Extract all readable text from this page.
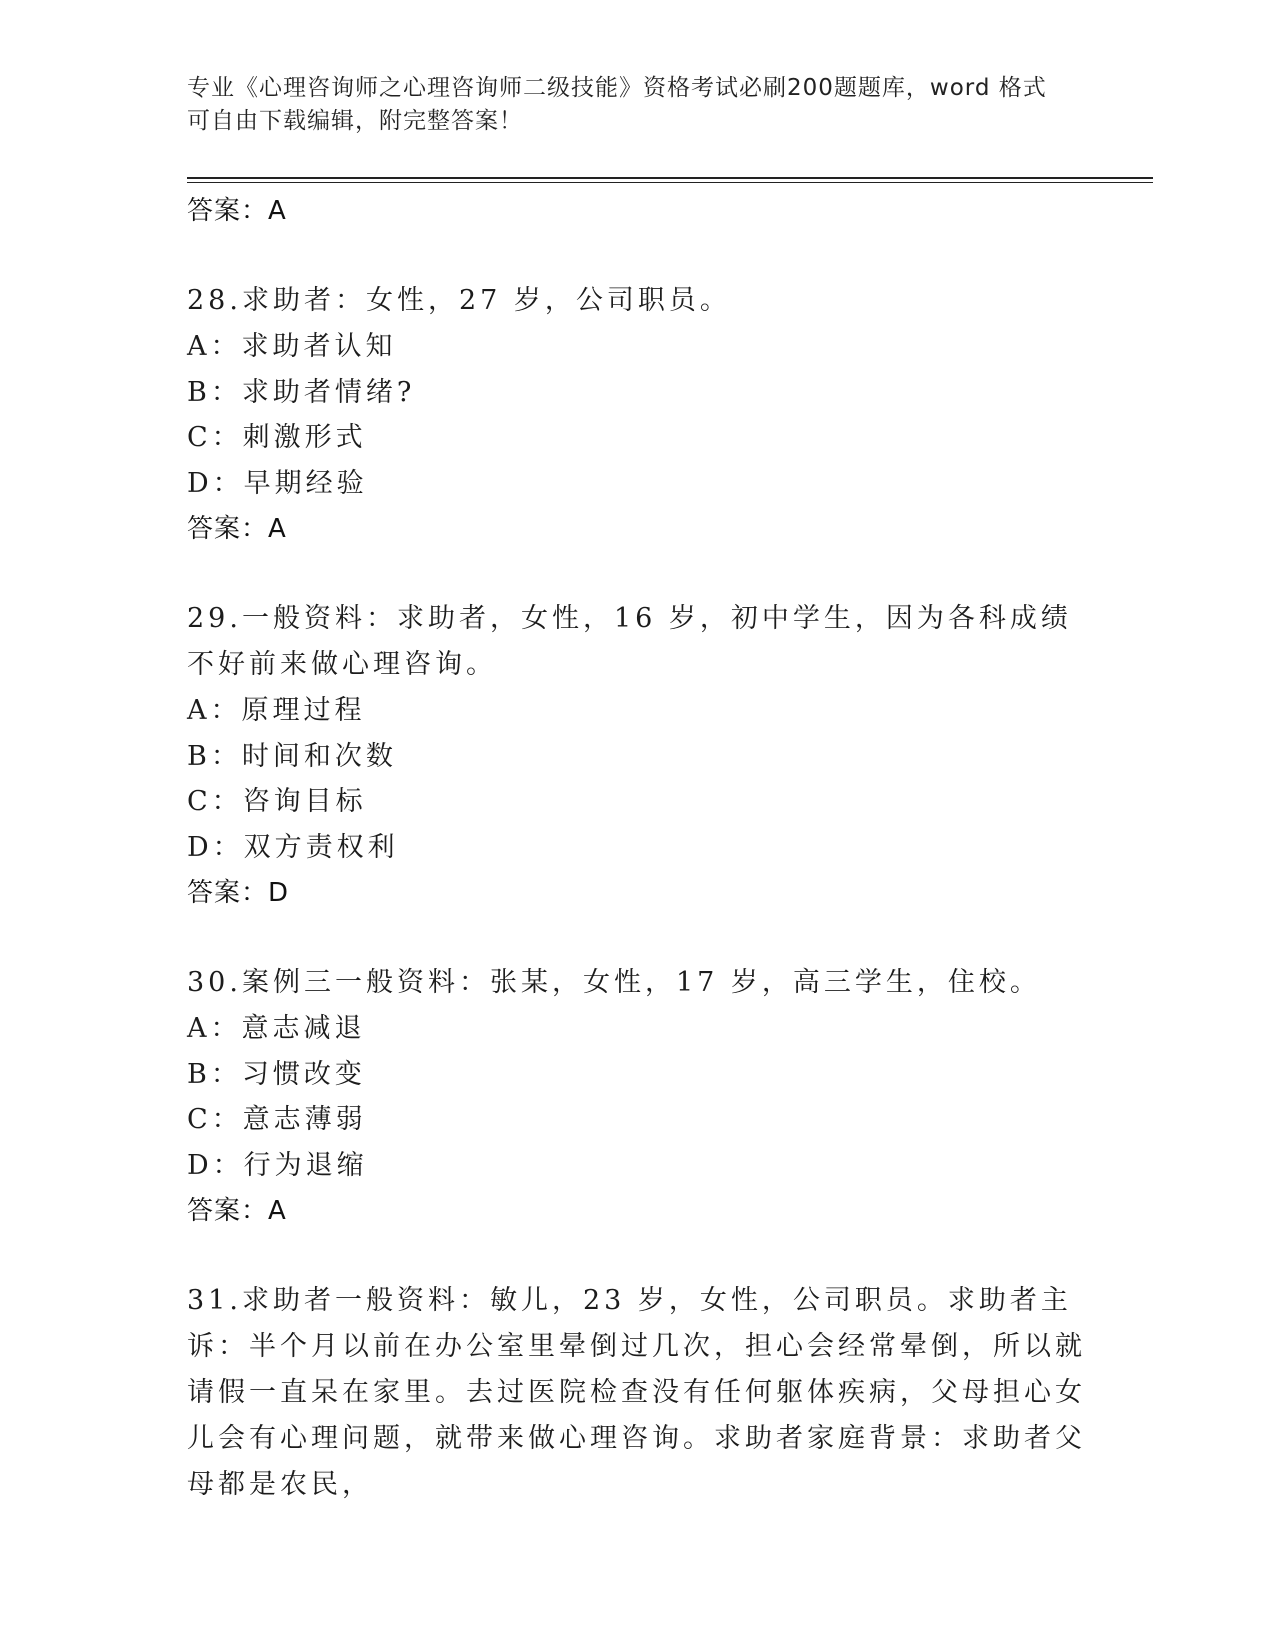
专业《心理咨询师之心理咨询师二级技能》资格考试必刷200题题库，word 格式
可自由下载编辑，附完整答案！
答案：A
28.求助者：女性，27 岁，公司职员。
A：求助者认知
B：求助者情绪?
C：刺激形式
D：早期经验
答案：A
29.一般资料：求助者，女性，16 岁，初中学生，因为各科成绩不好前来做心理咨询。
A：原理过程
B：时间和次数
C：咨询目标
D：双方责权利
答案：D
30.案例三一般资料：张某，女性，17 岁，高三学生，住校。
A：意志减退
B：习惯改变
C：意志薄弱
D：行为退缩
答案：A
31.求助者一般资料：敏儿，23 岁，女性，公司职员。求助者主诉：半个月以前在办公室里晕倒过几次，担心会经常晕倒，所以就请假一直呆在家里。去过医院检查没有任何躯体疾病，父母担心女儿会有心理问题，就带来做心理咨询。求助者家庭背景：求助者父母都是农民，
